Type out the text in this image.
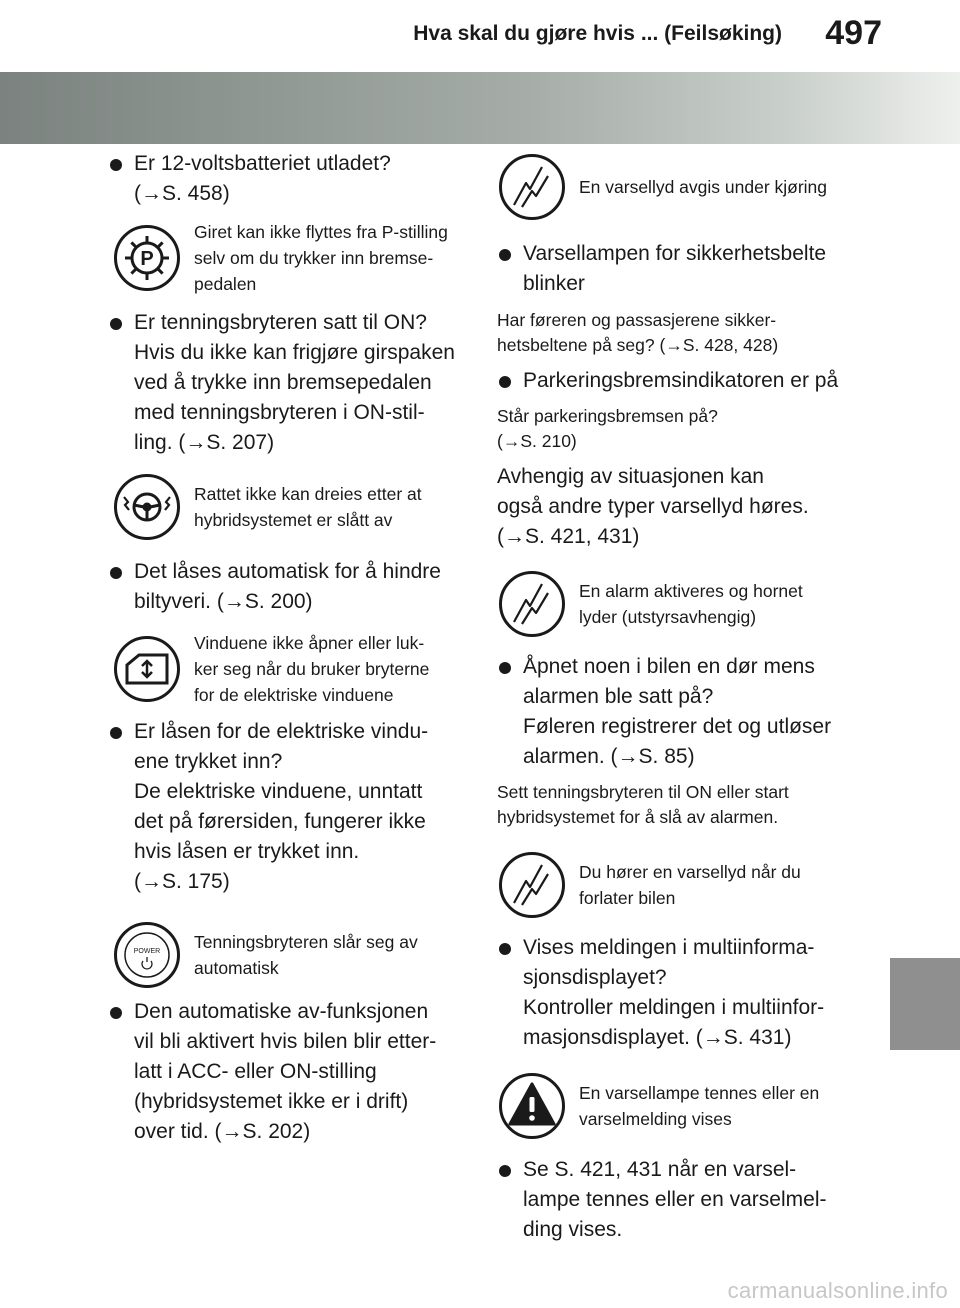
Hva skal du gjøre hvis ... (Feilsøking) 497
Er 12-voltsbatteriet utladet?
(→S. 458)
P
Giret kan ikke flyttes fra P-stilling
selv om du trykker inn bremse-
pedalen
Er tenningsbryteren satt til ON?
Hvis du ikke kan frigjøre girspaken
ved å trykke inn bremsepedalen
med tenningsbryteren i ON-stil-
ling. (→S. 207)
Rattet ikke kan dreies etter at
hybridsystemet er slått av
Det låses automatisk for å hindre
biltyveri. (→S. 200)
Vinduene ikke åpner eller luk-
ker seg når du bruker bryterne
for de elektriske vinduene
Er låsen for de elektriske vindu-
ene trykket inn?
De elektriske vinduene, unntatt
det på førersiden, fungerer ikke
hvis låsen er trykket inn.
(→S. 175)
POWER Tenningsbryteren slår seg av
automatisk
Den automatiske av-funksjonen
vil bli aktivert hvis bilen blir etter-
latt i ACC- eller ON-stilling
(hybridsystemet ikke er i drift)
over tid. (→S. 202)
En varsellyd avgis under kjøring
Varsellampen for sikkerhetsbelte
blinker
Har føreren og passasjerene sikker-
hetsbeltene på seg? (→S. 428, 428)
Parkeringsbremsindikatoren er på
Står parkeringsbremsen på?
(→S. 210)
Avhengig av situasjonen kan
også andre typer varsellyd høres.
(→S. 421, 431)
En alarm aktiveres og hornet
lyder (utstyrsavhengig)
Åpnet noen i bilen en dør mens
alarmen ble satt på?
Føleren registrerer det og utløser
alarmen. (→S. 85)
Sett tenningsbryteren til ON eller start
hybridsystemet for å slå av alarmen.
Du hører en varsellyd når du
forlater bilen
Vises meldingen i multiinforma-
sjonsdisplayet?
Kontroller meldingen i multiinfor-
masjonsdisplayet. (→S. 431)
En varsellampe tennes eller en
varselmelding vises
Se S. 421, 431 når en varsel-
lampe tennes eller en varselmel-
ding vises.
carmanualsonline.info
